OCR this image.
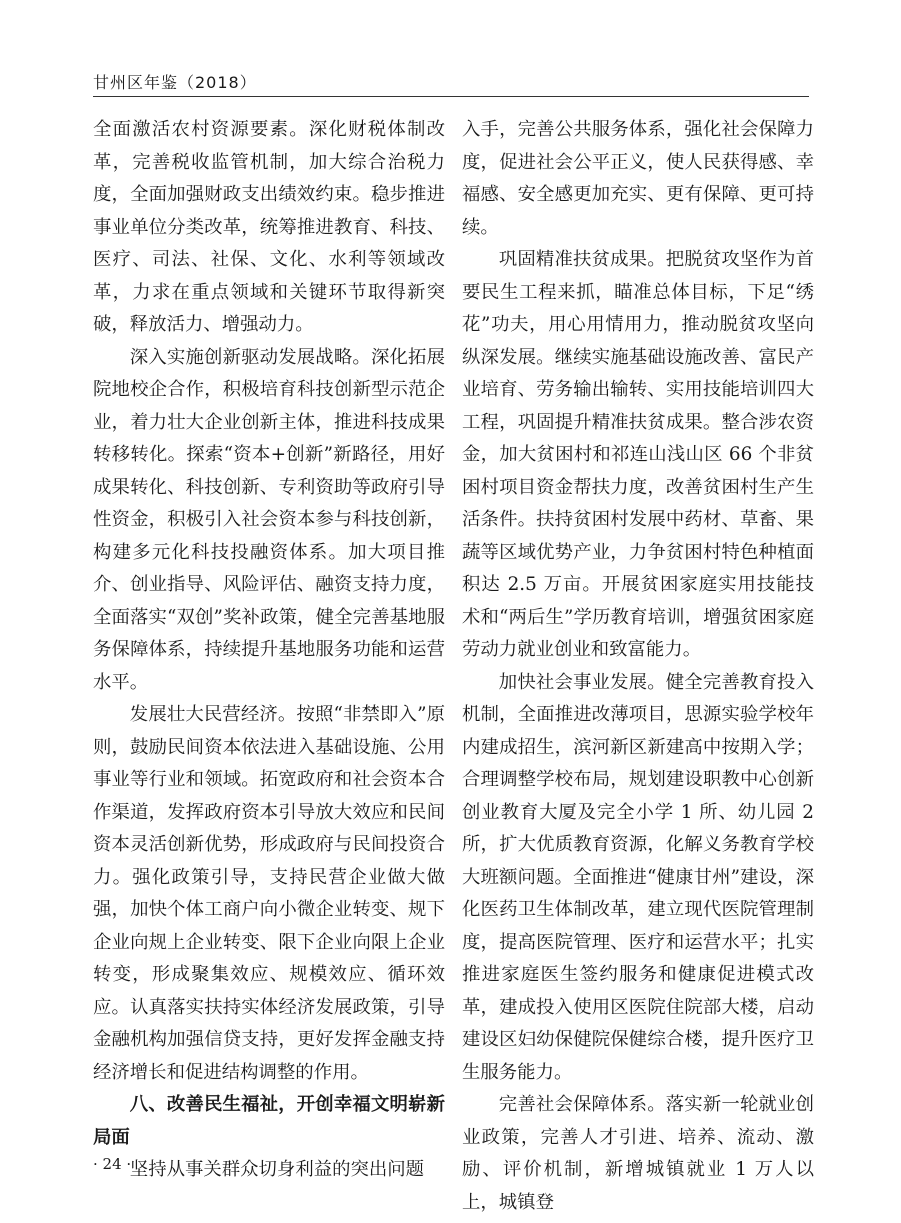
甘州区年鉴（2018）

全面激活农村资源要素。深化财税体制改革，完善税收监管机制，加大综合治税力度，全面加强财政支出绩效约束。稳步推进事业单位分类改革，统筹推进教育、科技、医疗、司法、社保、文化、水利等领域改革，力求在重点领域和关键环节取得新突破，释放活力、增强动力。

深入实施创新驱动发展战略。深化拓展院地校企合作，积极培育科技创新型示范企业，着力壮大企业创新主体，推进科技成果转移转化。探索“资本+创新”新路径，用好成果转化、科技创新、专利资助等政府引导性资金，积极引入社会资本参与科技创新，构建多元化科技投融资体系。加大项目推介、创业指导、风险评估、融资支持力度，全面落实“双创”奖补政策，健全完善基地服务保障体系，持续提升基地服务功能和运营水平。

发展壮大民营经济。按照“非禁即入”原则，鼓励民间资本依法进入基础设施、公用事业等行业和领域。拓宽政府和社会资本合作渠道，发挥政府资本引导放大效应和民间资本灵活创新优势，形成政府与民间投资合力。强化政策引导，支持民营企业做大做强，加快个体工商户向小微企业转变、规下企业向规上企业转变、限下企业向限上企业转变，形成聚集效应、规模效应、循环效应。认真落实扶持实体经济发展政策，引导金融机构加强信贷支持，更好发挥金融支持经济增长和促进结构调整的作用。

八、改善民生福祉，开创幸福文明崭新局面

坚持从事关群众切身利益的突出问题

入手，完善公共服务体系，强化社会保障力度，促进社会公平正义，使人民获得感、幸福感、安全感更加充实、更有保障、更可持续。

巩固精准扶贫成果。把脱贫攻坚作为首要民生工程来抓，瞄准总体目标，下足“绣花”功夫，用心用情用力，推动脱贫攻坚向纵深发展。继续实施基础设施改善、富民产业培育、劳务输出输转、实用技能培训四大工程，巩固提升精准扶贫成果。整合涉农资金，加大贫困村和祁连山浅山区 66 个非贫困村项目资金帮扶力度，改善贫困村生产生活条件。扶持贫困村发展中药材、草畜、果蔬等区域优势产业，力争贫困村特色种植面积达 2.5 万亩。开展贫困家庭实用技能技术和“两后生”学历教育培训，增强贫困家庭劳动力就业创业和致富能力。

加快社会事业发展。健全完善教育投入机制，全面推进改薄项目，思源实验学校年内建成招生，滨河新区新建高中按期入学；合理调整学校布局，规划建设职教中心创新创业教育大厦及完全小学 1 所、幼儿园 2 所，扩大优质教育资源，化解义务教育学校大班额问题。全面推进“健康甘州”建设，深化医药卫生体制改革，建立现代医院管理制度，提高医院管理、医疗和运营水平；扎实推进家庭医生签约服务和健康促进模式改革，建成投入使用区医院住院部大楼，启动建设区妇幼保健院保健综合楼，提升医疗卫生服务能力。

完善社会保障体系。落实新一轮就业创业政策，完善人才引进、培养、流动、激励、评价机制，新增城镇就业 1 万人以上，城镇登

· 24 ·
